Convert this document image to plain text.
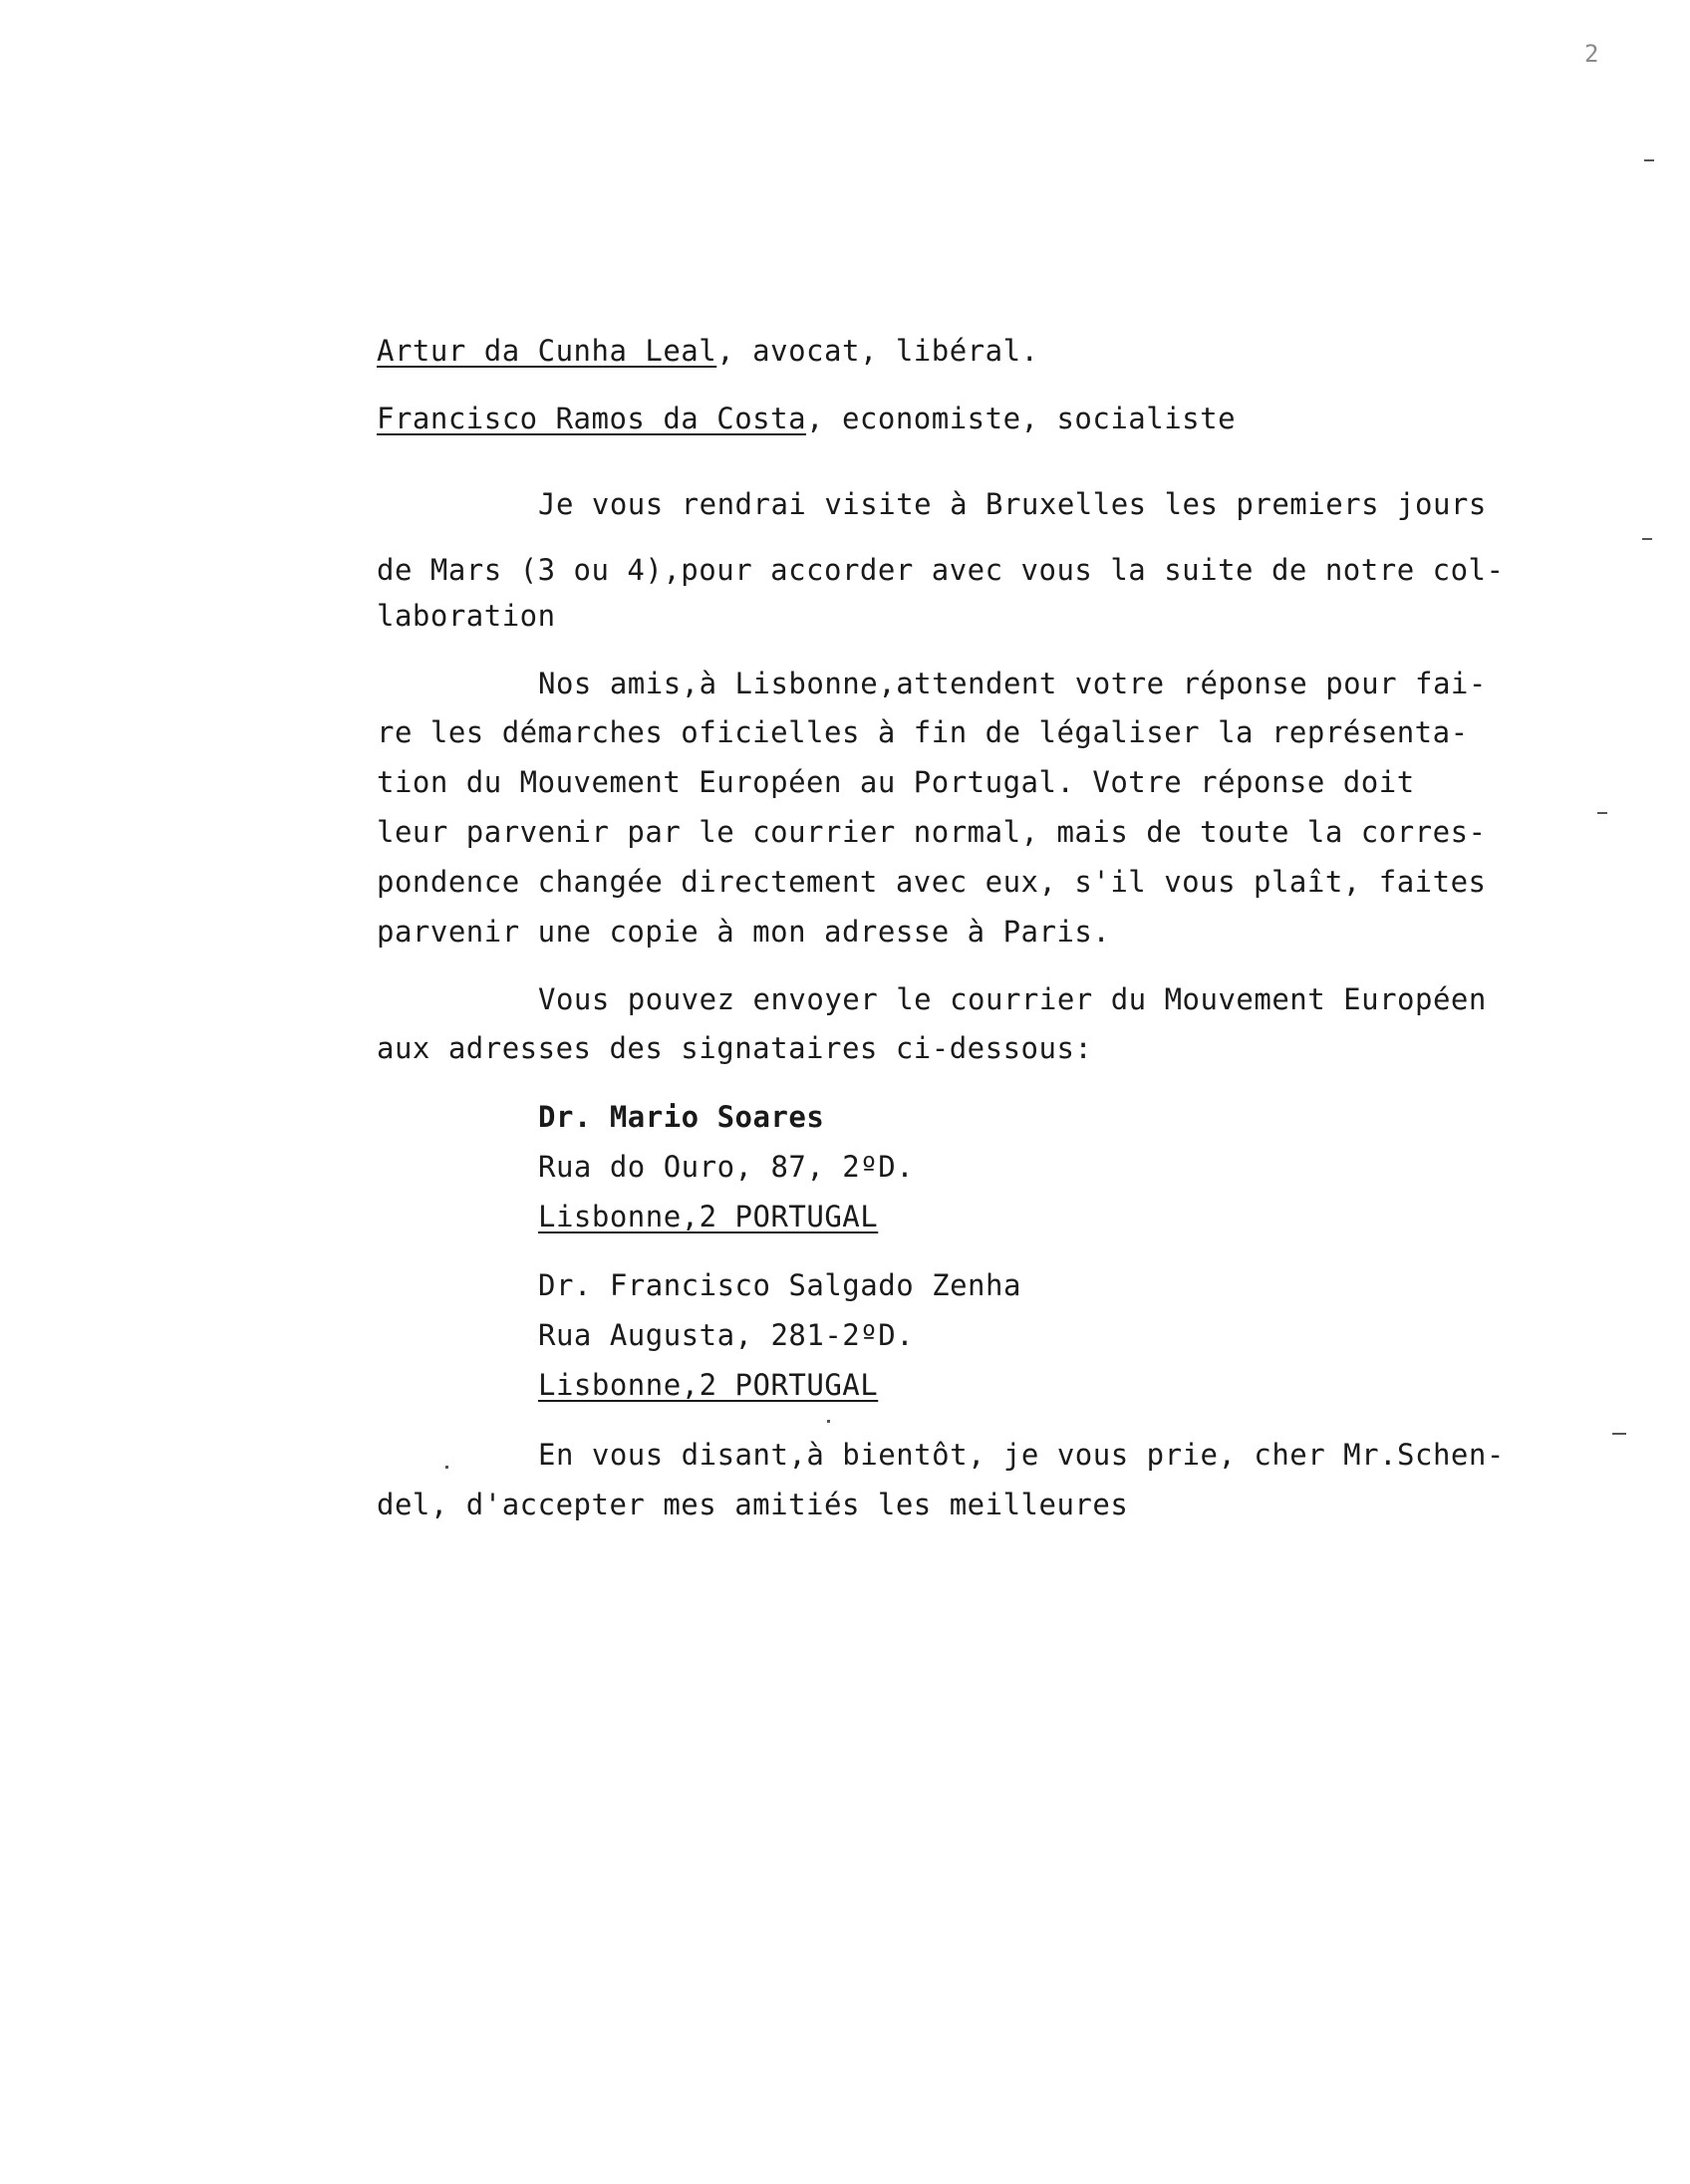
2
Artur da Cunha Leal, avocat, libéral.
Francisco Ramos da Costa, economiste, socialiste
Je vous rendrai visite à Bruxelles les premiers jours
de Mars (3 ou 4),pour accorder avec vous la suite de notre col-
laboration
Nos amis,à Lisbonne,attendent votre réponse pour fai-
re les démarches oficielles à fin de légaliser la représenta-
tion du Mouvement Européen au Portugal. Votre réponse doit
leur parvenir par le courrier normal, mais de toute la corres-
pondence changée directement avec eux, s'il vous plaît, faites
parvenir une copie à mon adresse à Paris.
Vous pouvez envoyer le courrier du Mouvement Européen
aux adresses des signataires ci-dessous:
Dr. Mario Soares
Rua do Ouro, 87, 2ºD.
Lisbonne,2 PORTUGAL
Dr. Francisco Salgado Zenha
Rua Augusta, 281-2ºD.
Lisbonne,2 PORTUGAL
En vous disant,à bientôt, je vous prie, cher Mr.Schen-
del, d'accepter mes amitiés les meilleures
